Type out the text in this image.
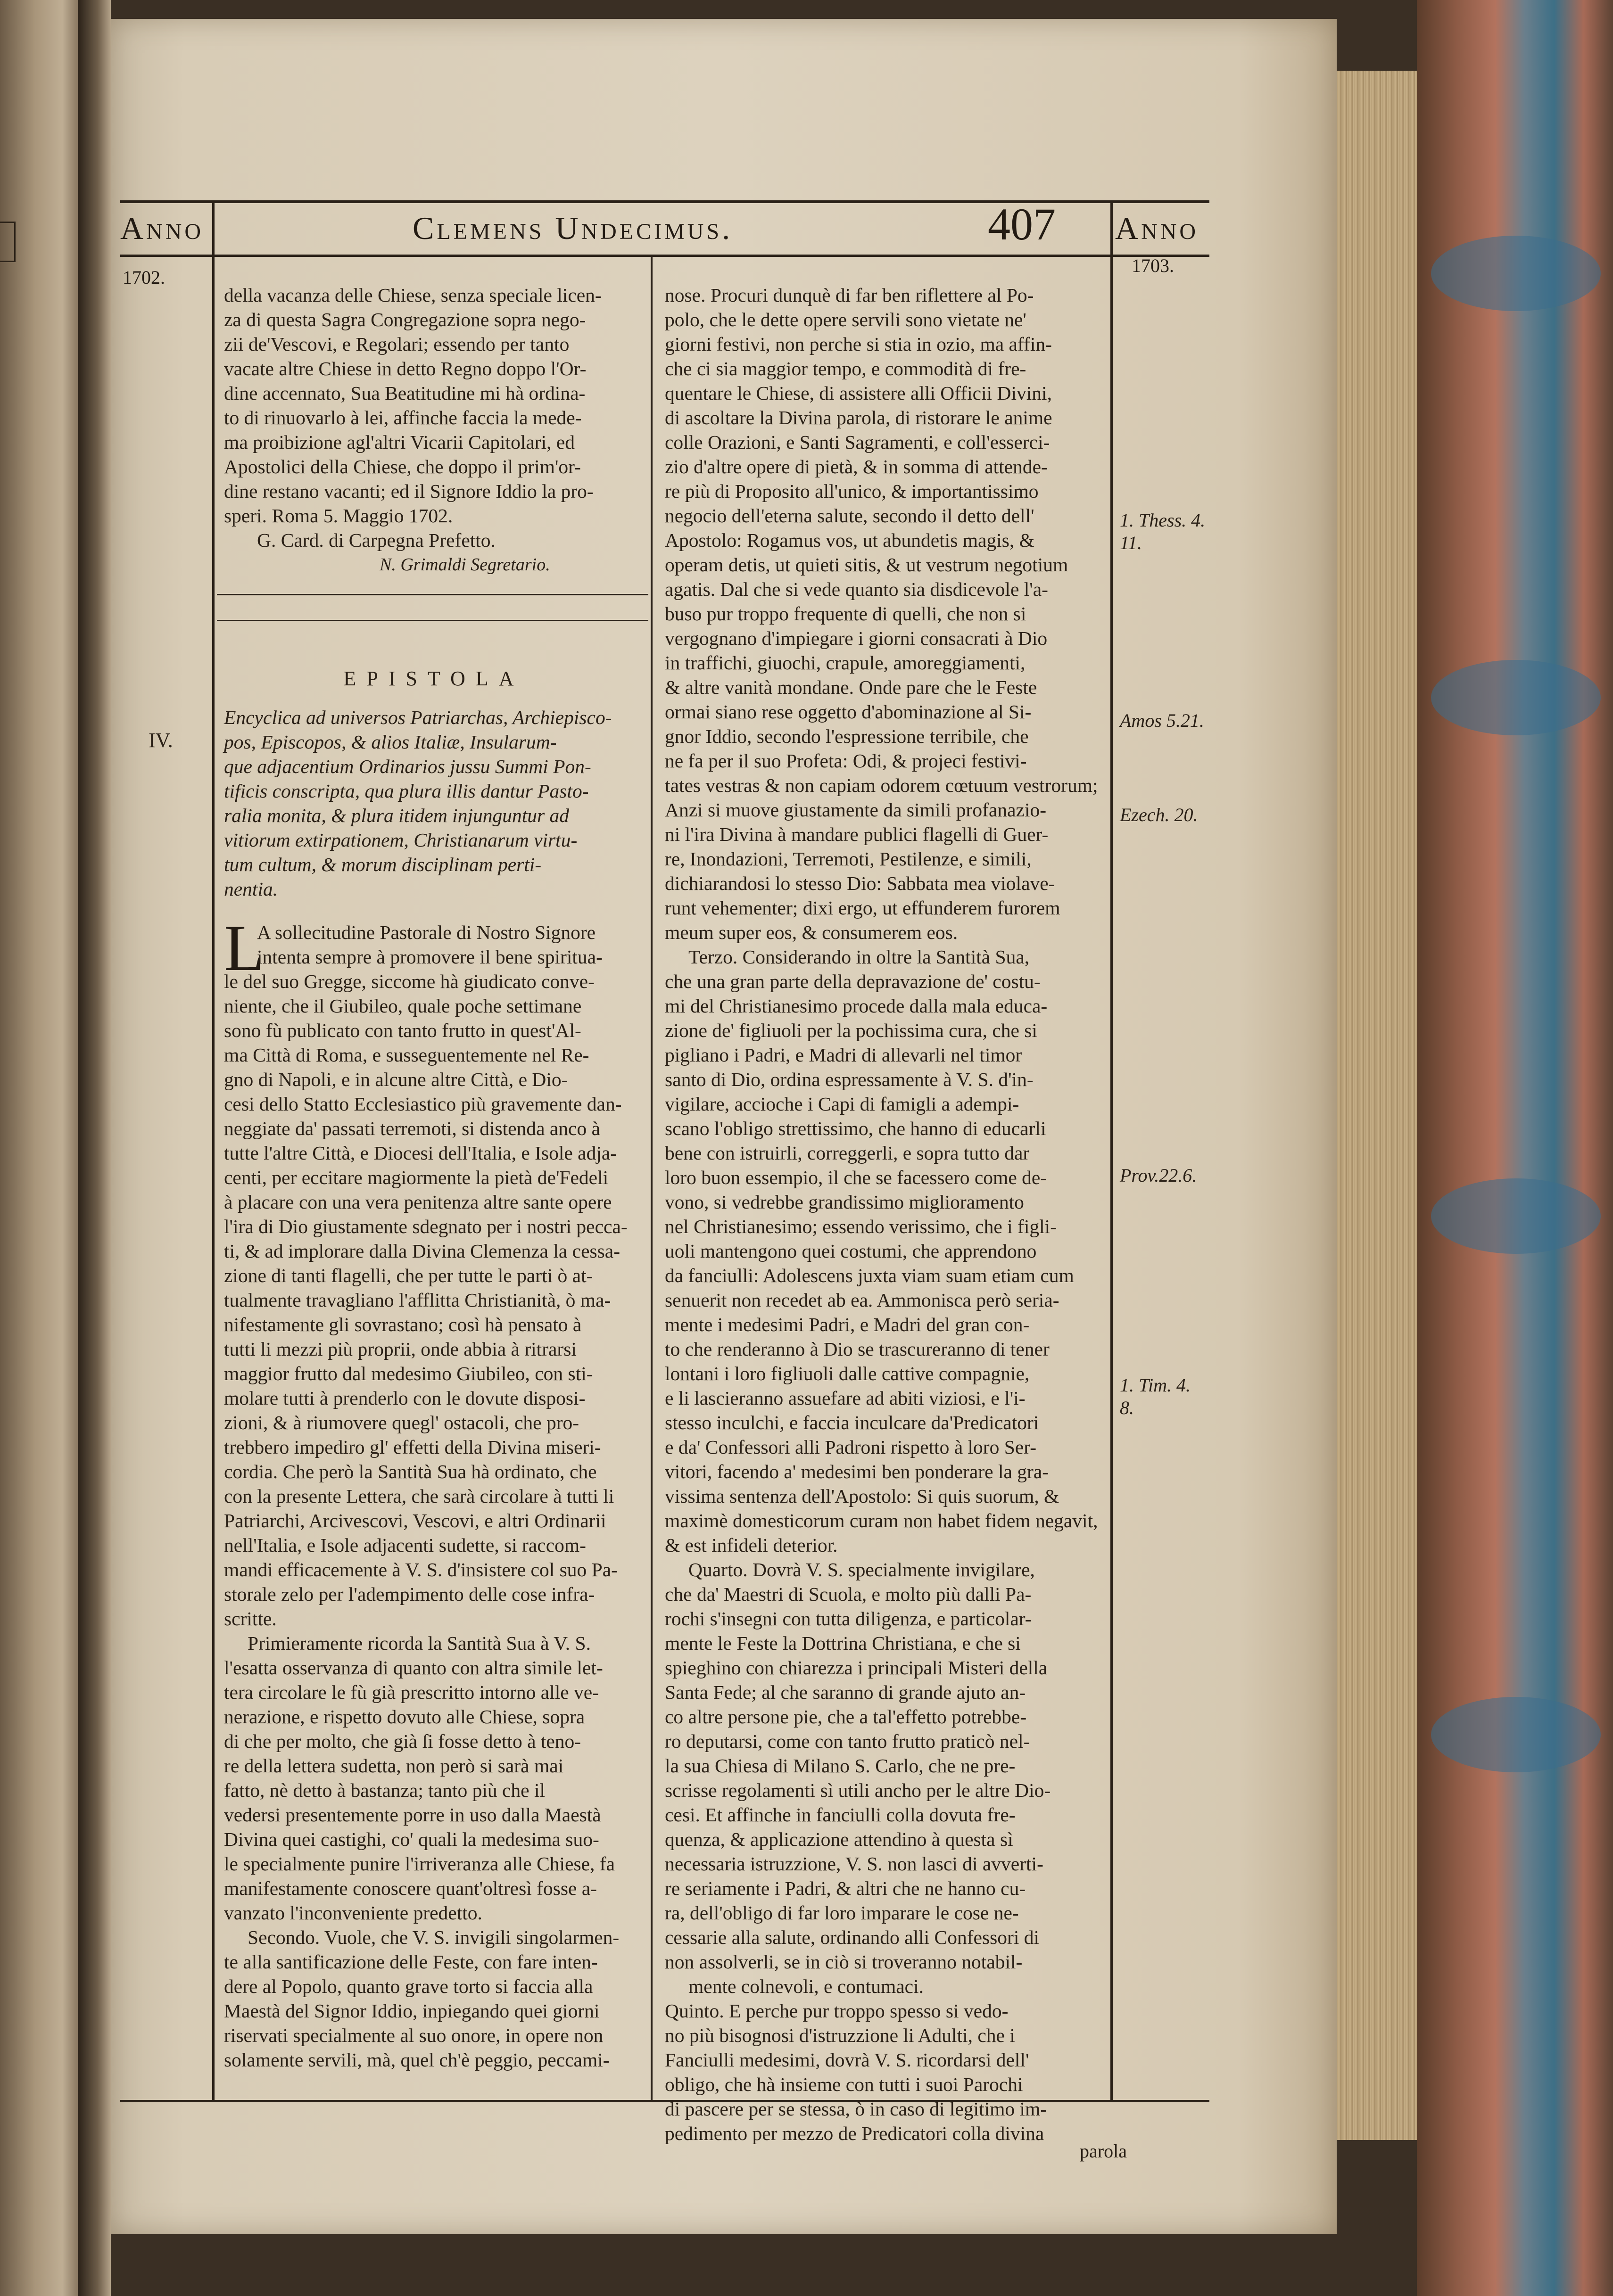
Anno	Clemens Undecimus.	407 Anno
1702.
1703.
IV.

della vacanza delle Chiese, senza speciale licen-

za di questa Sagra Congregazione sopra nego-

zii de'Vescovi, e Regolari; essendo per tanto

vacate altre Chiese in detto Regno doppo l'Or-

dine accennato, Sua Beatitudine mi hà ordina-

to di rinuovarlo à lei, affinche faccia la mede-

ma proibizione agl'altri Vicarii Capitolari, ed

Apostolici della Chiese, che doppo il prim'or-

dine restano vacanti; ed il Signore Iddio la pro-

speri. Roma 5. Maggio 1702.

G. Card. di Carpegna Prefetto.

N. Grimaldi Segretario.

EPISTOLA

Encyclica ad universos Patriarchas, Archiepisco-

pos, Episcopos, & alios Italiæ, Insularum-

que adjacentium Ordinarios jussu Summi Pon-

tificis conscripta, qua plura illis dantur Pasto-

ralia monita, & plura itidem injunguntur ad

vitiorum extirpationem, Christianarum virtu-

tum cultum, & morum disciplinam perti-

nentia.

L

A sollecitudine Pastorale di Nostro Signore

intenta sempre à promovere il bene spiritua-

le del suo Gregge, siccome hà giudicato conve-

niente, che il Giubileo, quale poche settimane

sono fù publicato con tanto frutto in quest'Al-

ma Città di Roma, e susseguentemente nel Re-

gno di Napoli, e in alcune altre Città, e Dio-

cesi dello Statto Ecclesiastico più gravemente dan-

neggiate da' passati terremoti, si distenda anco à

tutte l'altre Città, e Diocesi dell'Italia, e Isole adja-

centi, per eccitare magiormente la pietà de'Fedeli

à placare con una vera penitenza altre sante opere

l'ira di Dio giustamente sdegnato per i nostri pecca-

ti, & ad implorare dalla Divina Clemenza la cessa-

zione di tanti flagelli, che per tutte le parti ò at-

tualmente travagliano l'afflitta Christianità, ò ma-

nifestamente gli sovrastano; così hà pensato à

tutti li mezzi più proprii, onde abbia à ritrarsi

maggior frutto dal medesimo Giubileo, con sti-

molare tutti à prenderlo con le dovute disposi-

zioni, & à riumovere quegl' ostacoli, che pro-

trebbero impediro gl' effetti della Divina miseri-

cordia. Che però la Santità Sua hà ordinato, che

con la presente Lettera, che sarà circolare à tutti li

Patriarchi, Arcivescovi, Vescovi, e altri Ordinarii

nell'Italia, e Isole adjacenti sudette, si raccom-

mandi efficacemente à V. S. d'insistere col suo Pa-

storale zelo per l'adempimento delle cose infra-

scritte.

Primieramente ricorda la Santità Sua à V. S.

l'esatta osservanza di quanto con altra simile let-

tera circolare le fù già prescritto intorno alle ve-

nerazione, e rispetto dovuto alle Chiese, sopra

di che per molto, che già ſi fosse detto à teno-

re della lettera sudetta, non però si sarà mai

fatto, nè detto à bastanza; tanto più che il

vedersi presentemente porre in uso dalla Maestà

Divina quei castighi, co' quali la medesima suo-

le specialmente punire l'irriveranza alle Chiese, fa

manifestamente conoscere quant'oltresì fosse a-

vanzato l'inconveniente predetto.

Secondo. Vuole, che V. S. invigili singolarmen-

te alla santificazione delle Feste, con fare inten-

dere al Popolo, quanto grave torto si faccia alla

Maestà del Signor Iddio, inpiegando quei giorni

riservati specialmente al suo onore, in opere non

solamente servili, mà, quel ch'è peggio, peccami-

nose. Procuri dunquè di far ben riflettere al Po-

polo, che le dette opere servili sono vietate ne'

giorni festivi, non perche si stia in ozio, ma affin-

che ci sia maggior tempo, e commodità di fre-

quentare le Chiese, di assistere alli Officii Divini,

di ascoltare la Divina parola, di ristorare le anime

colle Orazioni, e Santi Sagramenti, e coll'esserci-

zio d'altre opere di pietà, & in somma di attende-

re più di Proposito all'unico, & importantissimo

negocio dell'eterna salute, secondo il detto dell'

Apostolo: Rogamus vos, ut abundetis magis, &

operam detis, ut quieti sitis, & ut vestrum negotium

agatis. Dal che si vede quanto sia disdicevole l'a-

buso pur troppo frequente di quelli, che non si

vergognano d'impiegare i giorni consacrati à Dio

in traffichi, giuochi, crapule, amoreggiamenti,

& altre vanità mondane. Onde pare che le Feste

ormai siano rese oggetto d'abominazione al Si-

gnor Iddio, secondo l'espressione terribile, che

ne fa per il suo Profeta: Odi, & projeci festivi-

tates vestras & non capiam odorem cœtuum vestrorum;

Anzi si muove giustamente da simili profanazio-

ni l'ira Divina à mandare publici flagelli di Guer-

re, Inondazioni, Terremoti, Pestilenze, e simili,

dichiarandosi lo stesso Dio: Sabbata mea violave-

runt vehementer; dixi ergo, ut effunderem furorem

meum super eos, & consumerem eos.

Terzo. Considerando in oltre la Santità Sua,

che una gran parte della depravazione de' costu-

mi del Christianesimo procede dalla mala educa-

zione de' figliuoli per la pochissima cura, che si

pigliano i Padri, e Madri di allevarli nel timor

santo di Dio, ordina espressamente à V. S. d'in-

vigilare, accioche i Capi di famigli a adempi-

scano l'obligo strettissimo, che hanno di educarli

bene con istruirli, correggerli, e sopra tutto dar

loro buon essempio, il che se facessero come de-

vono, si vedrebbe grandissimo miglioramento

nel Christianesimo; essendo verissimo, che i figli-

uoli mantengono quei costumi, che apprendono

da fanciulli: Adolescens juxta viam suam etiam cum

senuerit non recedet ab ea. Ammonisca però seria-

mente i medesimi Padri, e Madri del gran con-

to che renderanno à Dio se trascureranno di tener

lontani i loro figliuoli dalle cattive compagnie,

e li lascieranno assuefare ad abiti viziosi, e l'i-

stesso inculchi, e faccia inculcare da'Predicatori

e da' Confessori alli Padroni rispetto à loro Ser-

vitori, facendo a' medesimi ben ponderare la gra-

vissima sentenza dell'Apostolo: Si quis suorum, &

maximè domesticorum curam non habet fidem negavit,

& est infideli deterior.

Quarto. Dovrà V. S. specialmente invigilare,

che da' Maestri di Scuola, e molto più dalli Pa-

rochi s'insegni con tutta diligenza, e particolar-

mente le Feste la Dottrina Christiana, e che si

spieghino con chiarezza i principali Misteri della

Santa Fede; al che saranno di grande ajuto an-

co altre persone pie, che a tal'effetto potrebbe-

ro deputarsi, come con tanto frutto praticò nel-

la sua Chiesa di Milano S. Carlo, che ne pre-

scrisse regolamenti sì utili ancho per le altre Dio-

cesi. Et affinche in fanciulli colla dovuta fre-

quenza, & applicazione attendino à questa sì

necessaria istruzzione, V. S. non lasci di avverti-

re seriamente i Padri, & altri che ne hanno cu-

ra, dell'obligo di far loro imparare le cose ne-

cessarie alla salute, ordinando alli Confessori di

non assolverli, se in ciò si troveranno notabil-

mente colnevoli, e contumaci.

Quinto. E perche pur troppo spesso si vedo-

no più bisognosi d'istruzzione li Adulti, che i

Fanciulli medesimi, dovrà V. S. ricordarsi dell'

obligo, che hà insieme con tutti i suoi Parochi

di pascere per se stessa, ò in caso di legitimo im-

pedimento per mezzo de Predicatori colla divina

1. Thess. 4.
11.
Amos 5.21.
Ezech. 20.
Prov.22.6.
1. Tim. 4.
8.
parola
